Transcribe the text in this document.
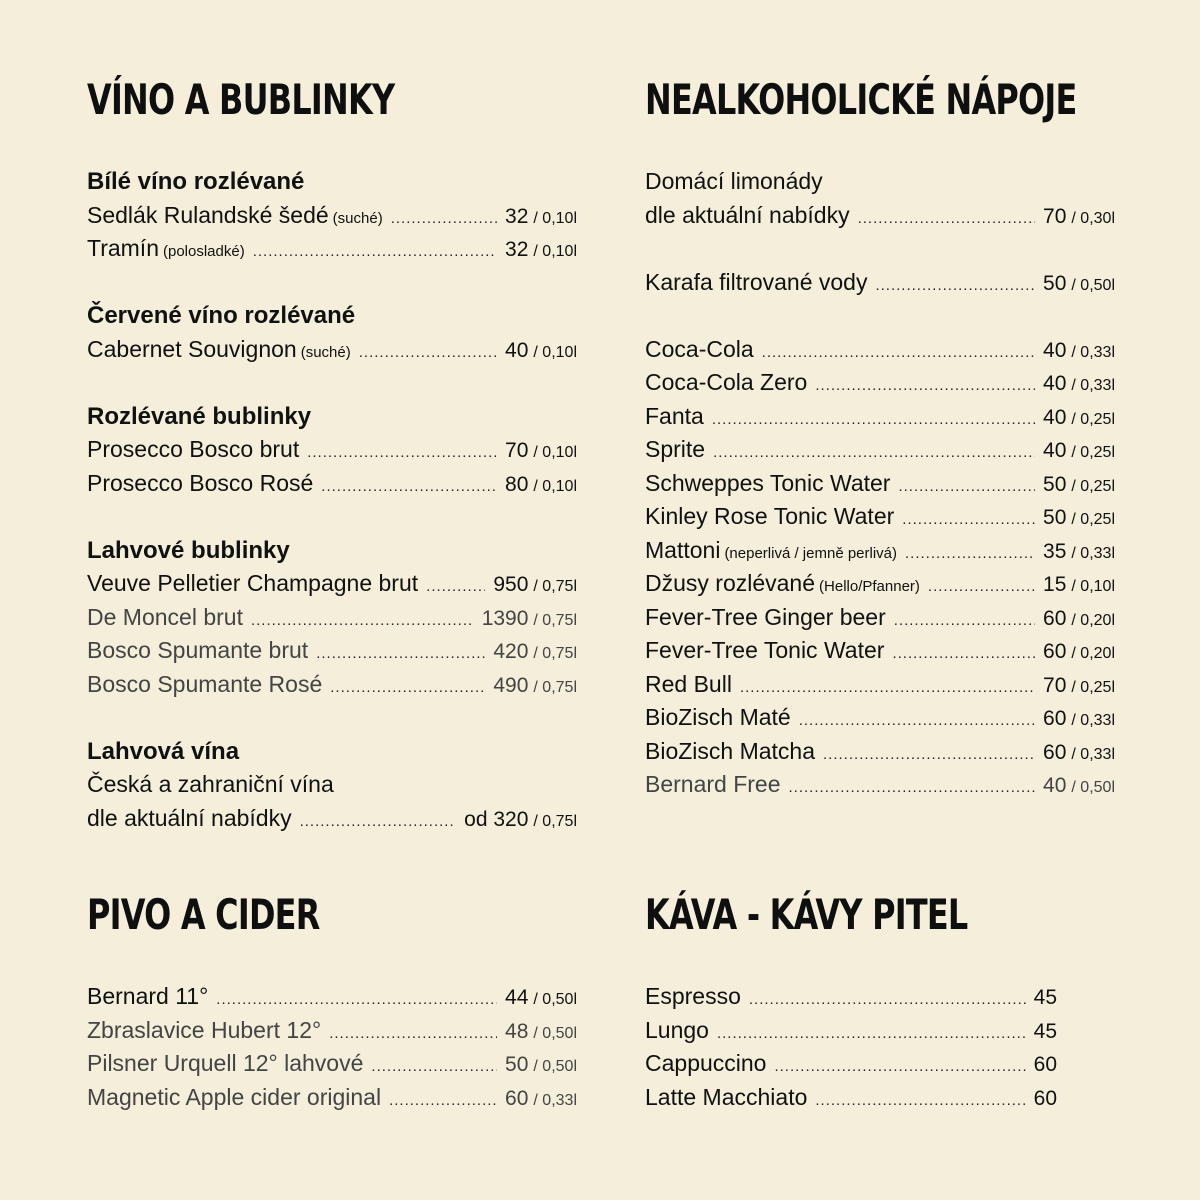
VÍNO A BUBLINKY
Bílé víno rozlévané
Sedlák Rulandské šedé (suché) .....	32 / 0,10l
Tramín (polosladké) .....	32 / 0,10l
Červené víno rozlévané
Cabernet Souvignon (suché) .....	40 / 0,10l
Rozlévané bublinky
Prosecco Bosco brut .....	70 / 0,10l
Prosecco Bosco Rosé .....	80 / 0,10l
Lahvové bublinky
Veuve Pelletier Champagne brut .....	950 / 0,75l
De Moncel brut .....	1390 / 0,75l
Bosco Spumante brut .....	420 / 0,75l
Bosco Spumante Rosé .....	490 / 0,75l
Lahvová vína
Česká a zahraniční vína
dle aktuální nabídky .....	od 320 / 0,75l
NEALKOHOLICKÉ NÁPOJE
Domácí limonády
dle aktuální nabídky .....	70 / 0,30l
Karafa filtrované vody .....	50 / 0,50l
Coca-Cola .....	40 / 0,33l
Coca-Cola Zero .....	40 / 0,33l
Fanta .....	40 / 0,25l
Sprite .....	40 / 0,25l
Schweppes Tonic Water .....	50 / 0,25l
Kinley Rose Tonic Water .....	50 / 0,25l
Mattoni (neperlivá / jemně perlivá) .....	35 / 0,33l
Džusy rozlévané (Hello/Pfanner) .....	15 / 0,10l
Fever-Tree Ginger beer .....	60 / 0,20l
Fever-Tree Tonic Water .....	60 / 0,20l
Red Bull .....	70 / 0,25l
BioZisch Maté .....	60 / 0,33l
BioZisch Matcha .....	60 / 0,33l
Bernard Free .....	40 / 0,50l
PIVO A CIDER
Bernard 11° .....	44 / 0,50l
Zbraslavice Hubert 12° .....	48 / 0,50l
Pilsner Urquell 12° lahvové .....	50 / 0,50l
Magnetic Apple cider original .....	60 / 0,33l
KÁVA - KÁVY PITEL
Espresso .....	45
Lungo .....	45
Cappuccino .....	60
Latte Macchiato .....	60
